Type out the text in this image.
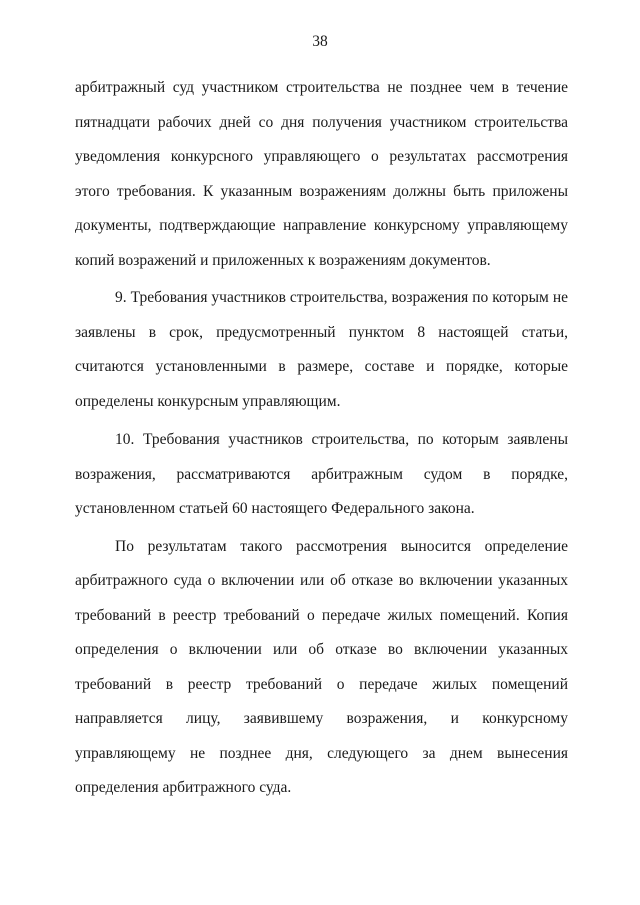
38
арбитражный суд участником строительства не позднее чем в течение
пятнадцати рабочих дней со дня получения участником строительства
уведомления конкурсного управляющего о результатах рассмотрения
этого требования. К указанным возражениям должны быть приложены
документы, подтверждающие направление конкурсному управляющему
копий возражений и приложенных к возражениям документов.
9. Требования участников строительства, возражения по которым не
заявлены в срок, предусмотренный пунктом 8 настоящей статьи,
считаются установленными в размере, составе и порядке, которые
определены конкурсным управляющим.
10. Требования участников строительства, по которым заявлены
возражения, рассматриваются арбитражным судом в порядке,
установленном статьей 60 настоящего Федерального закона.
По результатам такого рассмотрения выносится определение
арбитражного суда о включении или об отказе во включении указанных
требований в реестр требований о передаче жилых помещений. Копия
определения о включении или об отказе во включении указанных
требований в реестр требований о передаче жилых помещений
направляется лицу, заявившему возражения, и конкурсному
управляющему не позднее дня, следующего за днем вынесения
определения арбитражного суда.
